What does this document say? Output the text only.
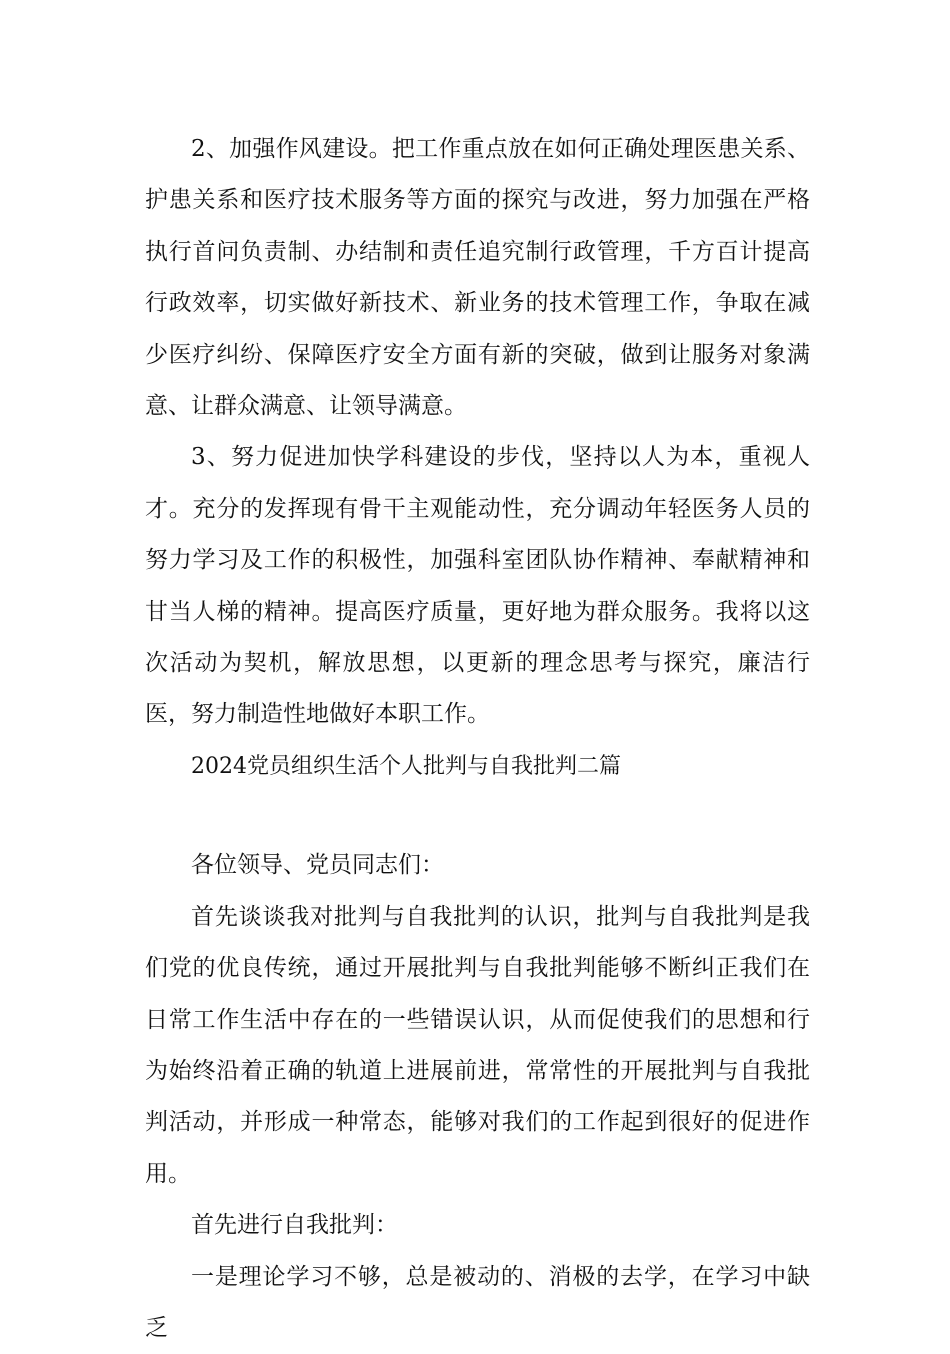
2、加强作风建设。把工作重点放在如何正确处理医患关系、护患关系和医疗技术服务等方面的探究与改进，努力加强在严格执行首问负责制、办结制和责任追究制行政管理，千方百计提高行政效率，切实做好新技术、新业务的技术管理工作，争取在减少医疗纠纷、保障医疗安全方面有新的突破，做到让服务对象满意、让群众满意、让领导满意。

3、努力促进加快学科建设的步伐，坚持以人为本，重视人才。充分的发挥现有骨干主观能动性，充分调动年轻医务人员的努力学习及工作的积极性，加强科室团队协作精神、奉献精神和甘当人梯的精神。提高医疗质量，更好地为群众服务。我将以这次活动为契机，解放思想，以更新的理念思考与探究，廉洁行医，努力制造性地做好本职工作。

2024党员组织生活个人批判与自我批判二篇

各位领导、党员同志们：

首先谈谈我对批判与自我批判的认识，批判与自我批判是我们党的优良传统，通过开展批判与自我批判能够不断纠正我们在日常工作生活中存在的一些错误认识，从而促使我们的思想和行为始终沿着正确的轨道上进展前进，常常性的开展批判与自我批判活动，并形成一种常态，能够对我们的工作起到很好的促进作用。

首先进行自我批判：

一是理论学习不够，总是被动的、消极的去学，在学习中缺乏
